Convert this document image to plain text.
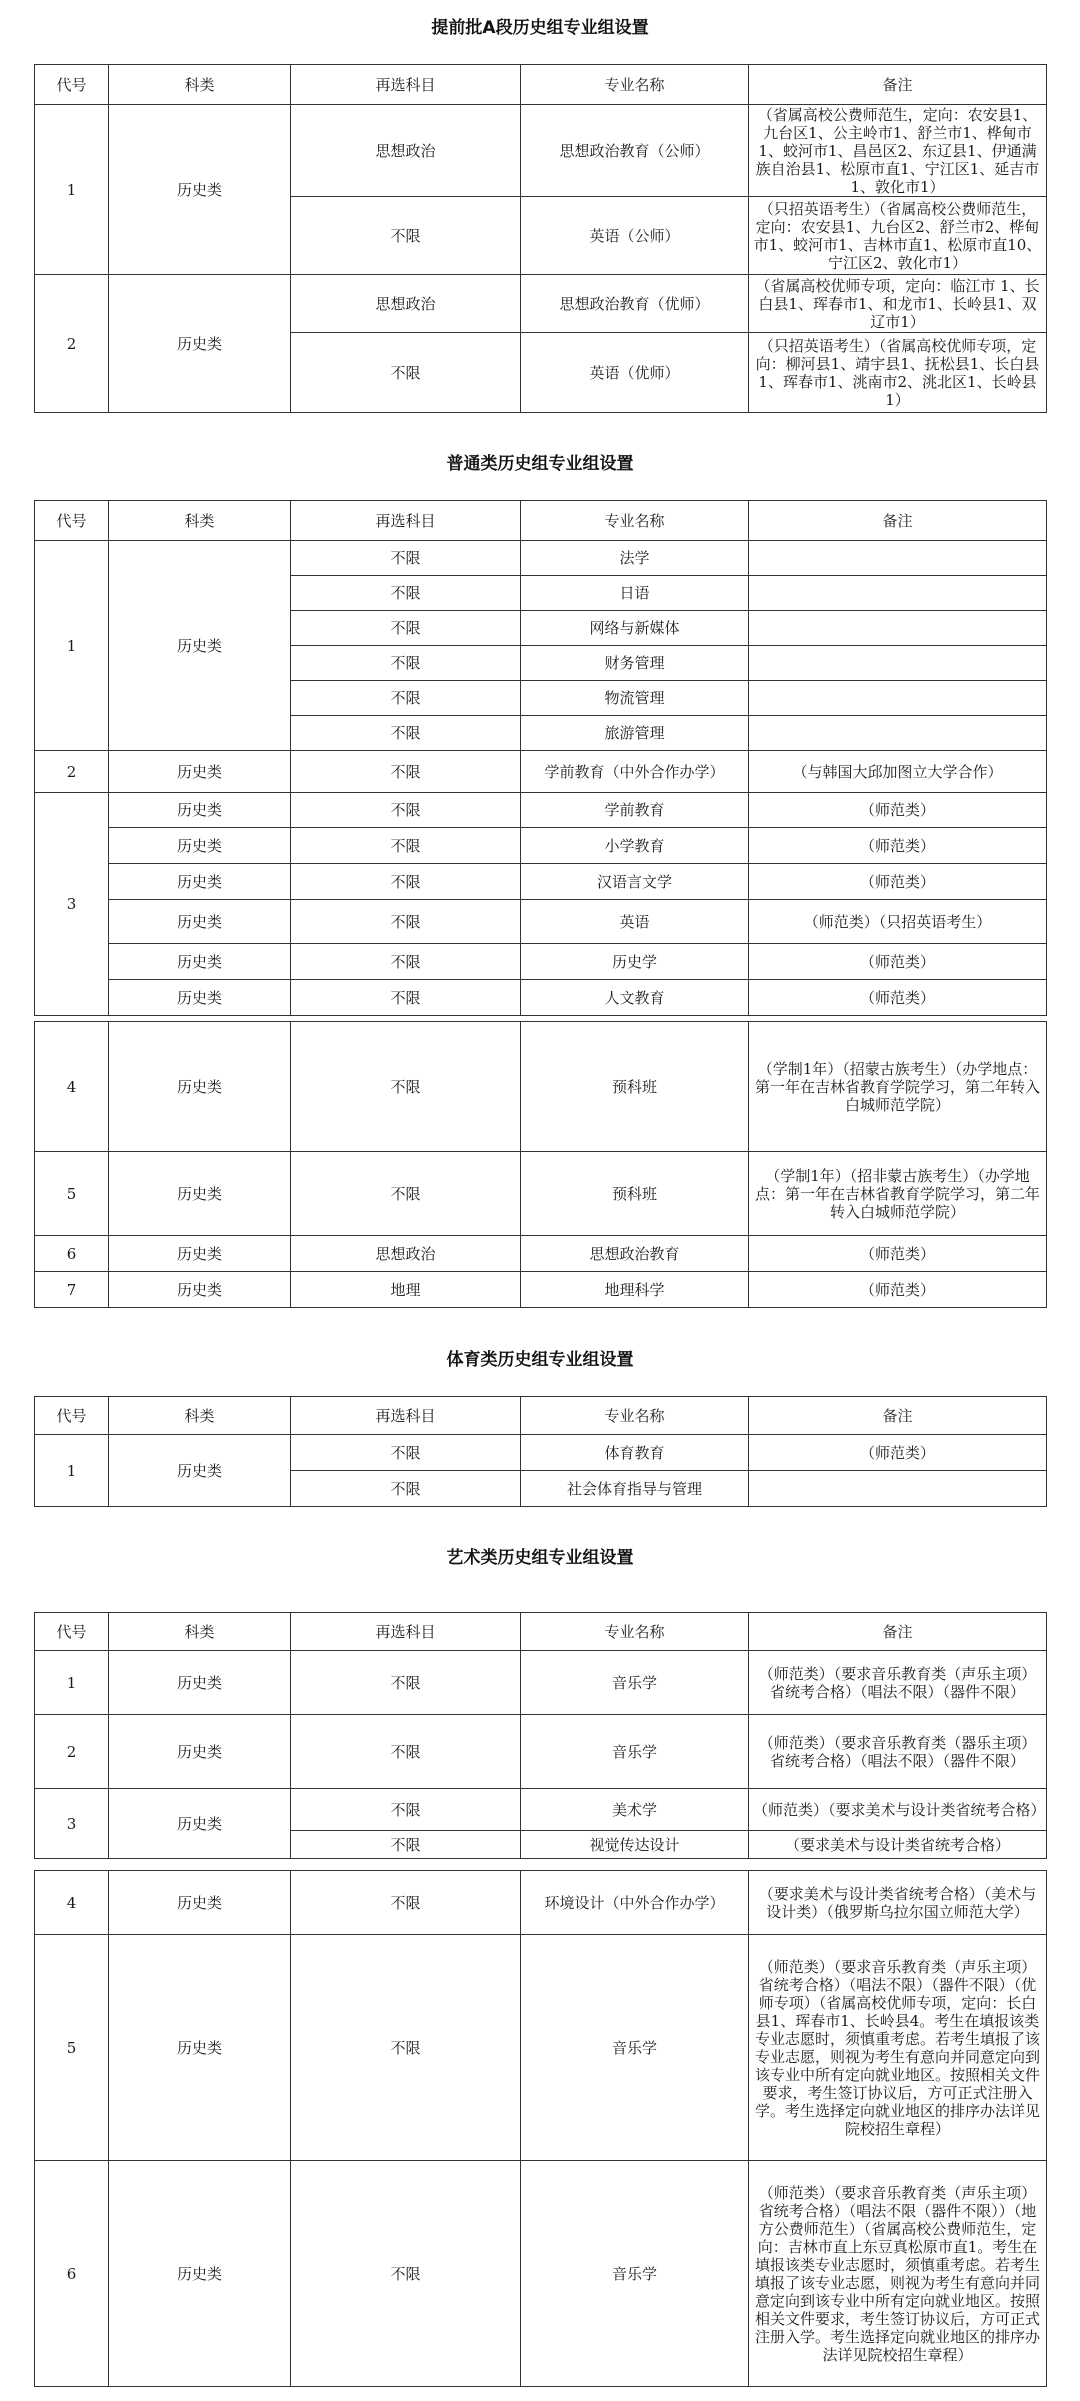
提前批A段历史组专业组设置
代号	科类	再选科目	专业名称	备注
1	历史类	思想政治	思想政治教育（公师）	（省属高校公费师范生，定向：农安县1、九台区1、公主岭市1、舒兰市1、桦甸市1、蛟河市1、昌邑区2、东辽县1、伊通满族自治县1、松原市直1、宁江区1、延吉市1、敦化市1）
		不限	英语（公师）	（只招英语考生）（省属高校公费师范生，定向：农安县1、九台区2、舒兰市2、桦甸市1、蛟河市1、吉林市直1、松原市直10、宁江区2、敦化市1）
2	历史类	思想政治	思想政治教育（优师）	（省属高校优师专项，定向：临江市 1、长白县1、珲春市1、和龙市1、长岭县1、双辽市1）
		不限	英语（优师）	（只招英语考生）（省属高校优师专项，定向：柳河县1、靖宇县1、抚松县1、长白县1、珲春市1、洮南市2、洮北区1、长岭县1）
普通类历史组专业组设置
代号	科类	再选科目	专业名称	备注
1	历史类	不限	法学	
		不限	日语	
		不限	网络与新媒体	
		不限	财务管理	
		不限	物流管理	
		不限	旅游管理	
2	历史类	不限	学前教育（中外合作办学）	（与韩国大邱加图立大学合作）
3	历史类	不限	学前教育	（师范类）
	历史类	不限	小学教育	（师范类）
	历史类	不限	汉语言文学	（师范类）
	历史类	不限	英语	（师范类）（只招英语考生）
	历史类	不限	历史学	（师范类）
	历史类	不限	人文教育	（师范类）
4	历史类	不限	预科班	（学制1年）（招蒙古族考生）（办学地点：第一年在吉林省教育学院学习，第二年转入白城师范学院）
5	历史类	不限	预科班	（学制1年）（招非蒙古族考生）（办学地点：第一年在吉林省教育学院学习，第二年转入白城师范学院）
6	历史类	思想政治	思想政治教育	（师范类）
7	历史类	地理	地理科学	（师范类）
体育类历史组专业组设置
代号	科类	再选科目	专业名称	备注
1	历史类	不限	体育教育	（师范类）
		不限	社会体育指导与管理	
艺术类历史组专业组设置
代号	科类	再选科目	专业名称	备注
1	历史类	不限	音乐学	（师范类）（要求音乐教育类（声乐主项）省统考合格）（唱法不限）（器件不限）
2	历史类	不限	音乐学	（师范类）（要求音乐教育类（器乐主项）省统考合格）（唱法不限）（器件不限）
3	历史类	不限	美术学	（师范类）（要求美术与设计类省统考合格）
		不限	视觉传达设计	（要求美术与设计类省统考合格）
4	历史类	不限	环境设计（中外合作办学）	（要求美术与设计类省统考合格）（美术与设计类）（俄罗斯乌拉尔国立师范大学）
5	历史类	不限	音乐学	（师范类）（要求音乐教育类（声乐主项）省统考合格）（唱法不限）（器件不限）（优师专项）（省属高校优师专项，定向：长白县1、珲春市1、长岭县4。考生在填报该类专业志愿时，须慎重考虑。若考生填报了该专业志愿，则视为考生有意向并同意定向到该专业中所有定向就业地区。按照相关文件要求，考生签订协议后，方可正式注册入学。考生选择定向就业地区的排序办法详见院校招生章程）
6	历史类	不限	音乐学	（师范类）（要求音乐教育类（声乐主项）省统考合格）（唱法不限（器件不限））（地方公费师范生）（省属高校公费师范生，定向：吉林市直上东豆真松原市直1。考生在填报该类专业志愿时，须慎重考虑。若考生填报了该专业志愿，则视为考生有意向并同意定向到该专业中所有定向就业地区。按照相关文件要求，考生签订协议后，方可正式注册入学。考生选择定向就业地区的排序办法详见院校招生章程）
